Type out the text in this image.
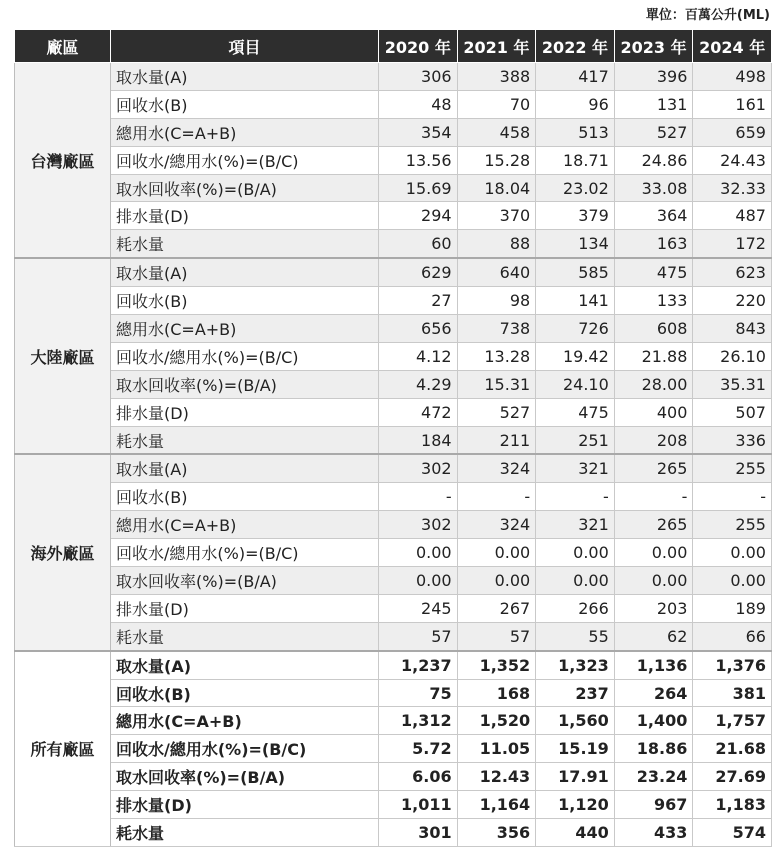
單位：百萬公升(ML)
廠區	項目	2020 年	2021 年	2022 年	2023 年	2024 年
台灣廠區	取水量(A)	306	388	417	396	498
	回收水(B)	48	70	96	131	161
	總用水(C=A+B)	354	458	513	527	659
	回收水/總用水(%)=(B/C)	13.56	15.28	18.71	24.86	24.43
	取水回收率(%)=(B/A)	15.69	18.04	23.02	33.08	32.33
	排水量(D)	294	370	379	364	487
	耗水量	60	88	134	163	172
大陸廠區	取水量(A)	629	640	585	475	623
	回收水(B)	27	98	141	133	220
	總用水(C=A+B)	656	738	726	608	843
	回收水/總用水(%)=(B/C)	4.12	13.28	19.42	21.88	26.10
	取水回收率(%)=(B/A)	4.29	15.31	24.10	28.00	35.31
	排水量(D)	472	527	475	400	507
	耗水量	184	211	251	208	336
海外廠區	取水量(A)	302	324	321	265	255
	回收水(B)	-	-	-	-	-
	總用水(C=A+B)	302	324	321	265	255
	回收水/總用水(%)=(B/C)	0.00	0.00	0.00	0.00	0.00
	取水回收率(%)=(B/A)	0.00	0.00	0.00	0.00	0.00
	排水量(D)	245	267	266	203	189
	耗水量	57	57	55	62	66
所有廠區	取水量(A)	1,237	1,352	1,323	1,136	1,376
	回收水(B)	75	168	237	264	381
	總用水(C=A+B)	1,312	1,520	1,560	1,400	1,757
	回收水/總用水(%)=(B/C)	5.72	11.05	15.19	18.86	21.68
	取水回收率(%)=(B/A)	6.06	12.43	17.91	23.24	27.69
	排水量(D)	1,011	1,164	1,120	967	1,183
	耗水量	301	356	440	433	574
